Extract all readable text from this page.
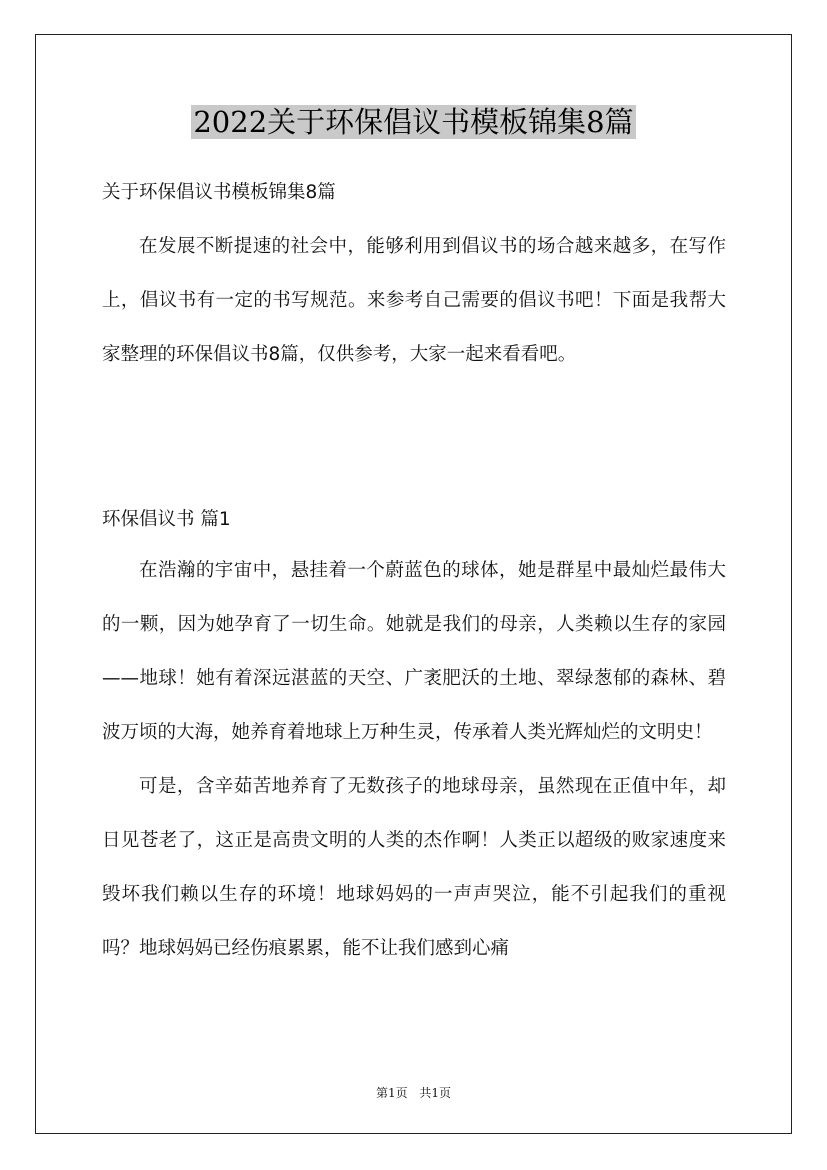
2022关于环保倡议书模板锦集8篇
关于环保倡议书模板锦集8篇

在发展不断提速的社会中，能够利用到倡议书的场合越来越多，在写作上，倡议书有一定的书写规范。来参考自己需要的倡议书吧！下面是我帮大家整理的环保倡议书8篇，仅供参考，大家一起来看看吧。

环保倡议书 篇1

在浩瀚的宇宙中，悬挂着一个蔚蓝色的球体，她是群星中最灿烂最伟大的一颗，因为她孕育了一切生命。她就是我们的母亲，人类赖以生存的家园——地球！她有着深远湛蓝的天空、广袤肥沃的土地、翠绿葱郁的森林、碧波万顷的大海，她养育着地球上万种生灵，传承着人类光辉灿烂的文明史！

可是，含辛茹苦地养育了无数孩子的地球母亲，虽然现在正值中年，却日见苍老了，这正是高贵文明的人类的杰作啊！人类正以超级的败家速度来毁坏我们赖以生存的环境！地球妈妈的一声声哭泣，能不引起我们的重视吗？地球妈妈已经伤痕累累，能不让我们感到心痛

第1页 共1页
